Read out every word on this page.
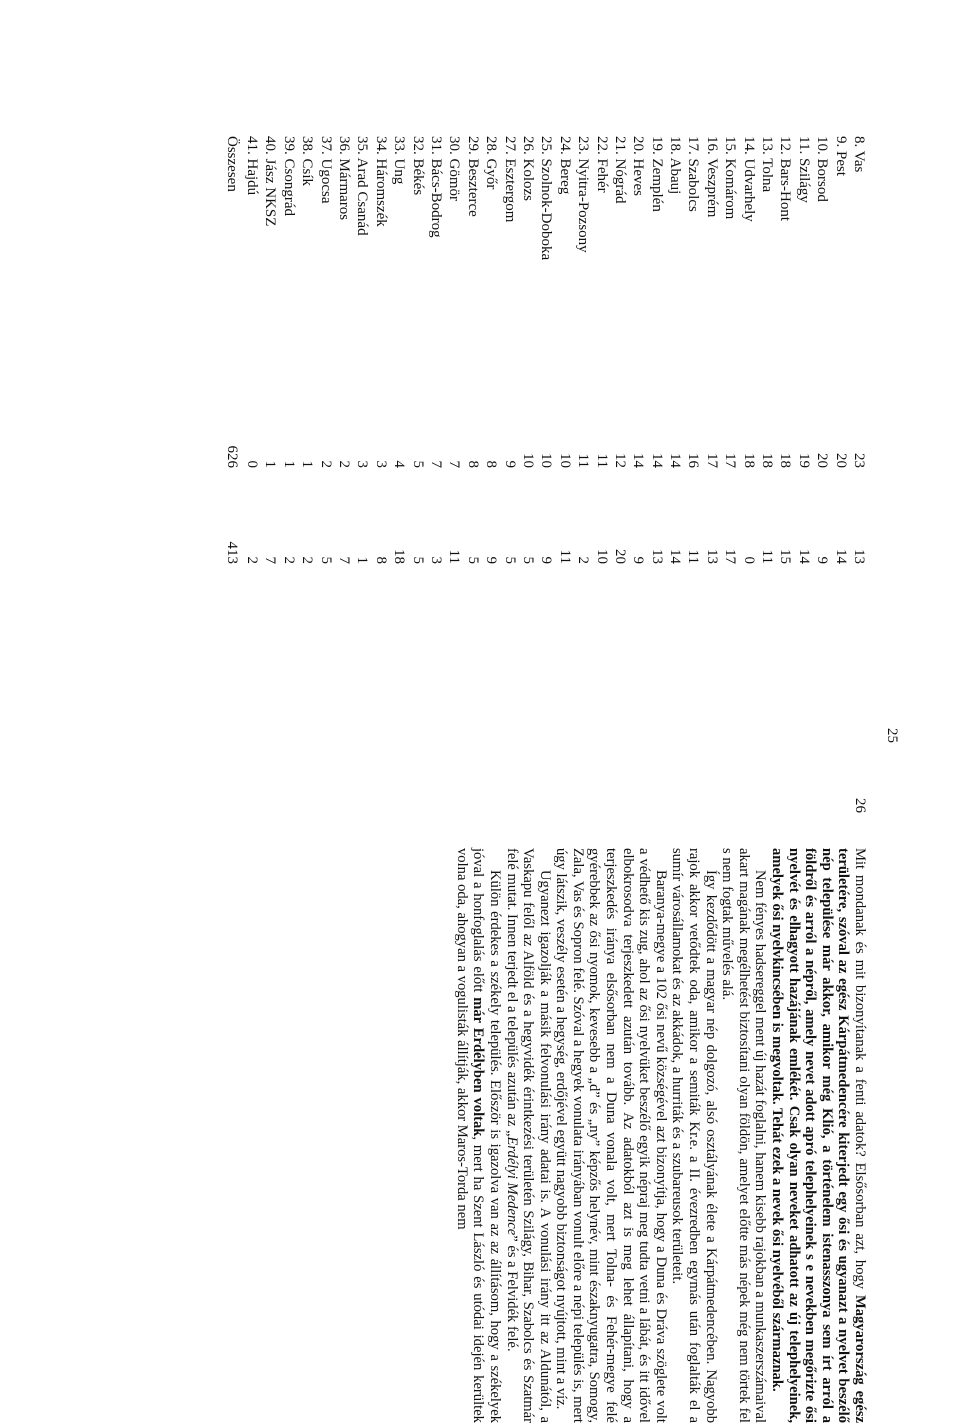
8. Vas
23
13
9. Pest
20
14
10. Borsod
20
9
11. Szilágy
19
14
12. Bars-Hont
18
15
13. Tolna
18
11
14. Udvarhely
18
0
15. Komárom
17
17
16. Veszprém
17
13
17. Szabolcs
16
11
18. Abauj
14
14
19. Zemplén
14
13
20. Heves
14
9
21. Nógrád
12
20
22. Fehér
11
10
23. Nyitra-Pozsony
11
2
24. Bereg
10
11
25. Szolnok-Doboka
10
9
26. Kolozs
10
5
27. Esztergom
9
5
28. Győr
8
9
29. Beszterce
8
5
30. Gömör
7
11
31. Bács-Bodrog
7
3
32. Békés
5
5
33. Ung
4
18
34. Háromszék
3
8
35. Arad Csanád
3
1
36. Mármaros
2
7
37. Ugocsa
2
5
38. Csík
1
2
39. Csongrád
1
2
40. Jász NKSZ
1
7
41. Hajdú
0
2
Összesen
626
413
25
26

Mit mondanak és mit bizonyítanak a fenti adatok? Elsősorban azt, hogy Magyarország egész területére, szóval az egész Kárpátmedencére kiterjedt egy ősi és ugyanazt a nyelvet beszélő nép településе már akkor, amikor még Klió, a történelem istenasszonya sem írt arról a földről és arról a népről, amely nevet adott apró telephelyeinek s e nevekben megőrizte ősi nyelvét és elhagyott hazájának emlékét. Csak olyan neveket adhatott az új telephelyeinek, amelyek ősi nyelvkincsében is megvoltak. Tehát ezek a nevek ősi nyelvéből származnak.

Nem fényes hadsereggel ment új hazát foglalni, hanem kisebb rajokban a munkaszerszámaival akart magának megélhetést biztosítani olyan földön, amelyet előtte más népek még nem törtek fel s nem fogtak művelés alá.

Így kezdődött a magyar nép dolgozó, alsó osztályának élete a Kárpátmedencében. Nagyobb rajok akkor vetődtek oda, amikor a semiták Kr.e. a II. évezredben egymás után foglalták el a sumír városállamokat és az akkádok, a hurriták és a szubareusok területeit.

Baranya-megye a 102 ősi nevű községével azt bizonyítja, hogy a Duna és Dráva szöglete volt a védhető kis zug, ahol az ősi nyelvüket beszélő egyik népraj meg tudta vetni a lábát, és itt idővel elbokrosodva terjeszkedett azután tovább. Az adatokból azt is meg lehet állapítani, hogy a terjeszkedés iránya elsősorban nem a Duna vonala volt, mert Tolna- és Fehér-megye felé gyérebbek az ősi nyomok, kevesebb a „d” és „ny” képzős helynév, mint északnyugatra, Somogy, Zala, Vas és Sopron felé. Szóval a hegyek vonulata irányában vonult előre a népi település is, mert úgy látszik, veszély esetén a hegység, erdőjével együtt nagyobb biztonságot nyújtott, mint a víz.

Ugyanezt igazolják a másik felvonulási irány adatai is. A vonulási irány itt az Aldunától, a Vaskapu felől az Alföld és a hegyvidék érintkezési területén Szilágy, Bihar, Szabolcs és Szatmár felé mutat. Innen terjedt el a település azután az „Erdélyi Medence” és a Felvidék felé.

Külön érdekes a székely település. Először is igazolva van az az állításom, hogy a székelyek jóval a honfoglalás előtt már Erdélyben voltak, mert ha Szent László és utódai idején kerültek volna oda, ahogyan a vogulisták állítják, akkor Maros-Torda nem
